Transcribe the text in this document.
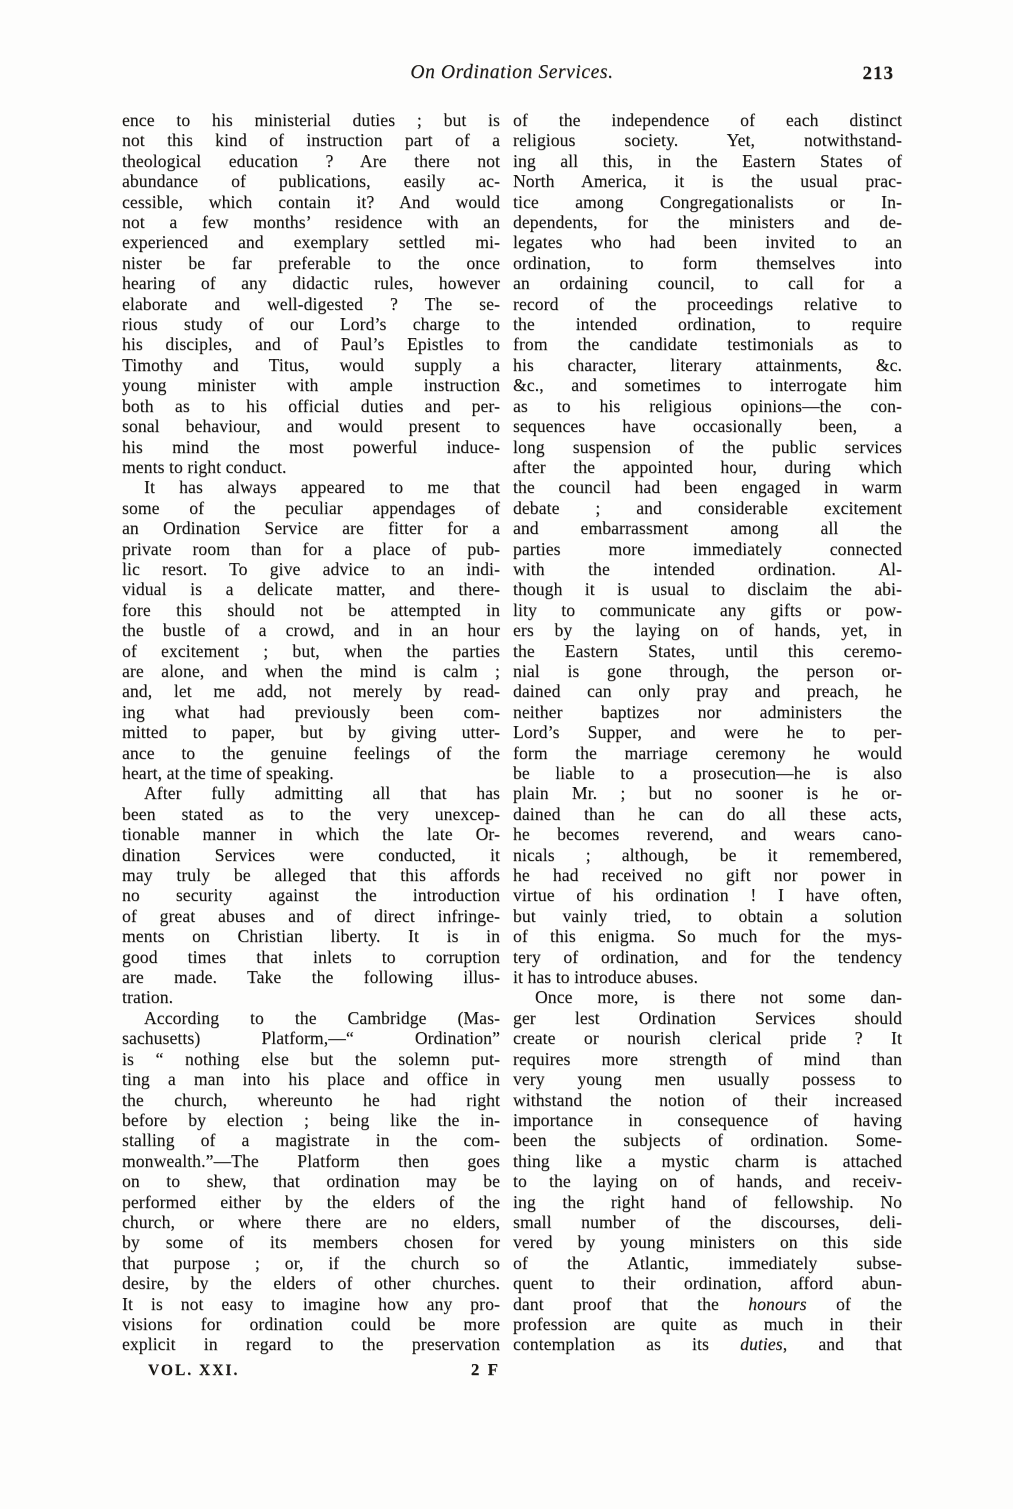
On Ordination Services.	213
ence to his ministerial duties ; but is
not this kind of instruction part of a
theological education ? Are there not
abundance of publications, easily ac-
cessible, which contain it? And would
not a few months’ residence with an
experienced and exemplary settled mi-
nister be far preferable to the once
hearing of any didactic rules, however
elaborate and well-digested ? The se-
rious study of our Lord’s charge to
his disciples, and of Paul’s Epistles to
Timothy and Titus, would supply a
young minister with ample instruction
both as to his official duties and per-
sonal behaviour, and would present to
his mind the most powerful induce-
ments to right conduct.
It has always appeared to me that
some of the peculiar appendages of
an Ordination Service are fitter for a
private room than for a place of pub-
lic resort. To give advice to an indi-
vidual is a delicate matter, and there-
fore this should not be attempted in
the bustle of a crowd, and in an hour
of excitement ; but, when the parties
are alone, and when the mind is calm ;
and, let me add, not merely by read-
ing what had previously been com-
mitted to paper, but by giving utter-
ance to the genuine feelings of the
heart, at the time of speaking.
After fully admitting all that has
been stated as to the very unexcep-
tionable manner in which the late Or-
dination Services were conducted, it
may truly be alleged that this affords
no security against the introduction
of great abuses and of direct infringe-
ments on Christian liberty. It is in
good times that inlets to corruption
are made. Take the following illus-
tration.
According to the Cambridge (Mas-
sachusetts) Platform,—“ Ordination”
is “ nothing else but the solemn put-
ting a man into his place and office in
the church, whereunto he had right
before by election ; being like the in-
stalling of a magistrate in the com-
monwealth.”—The Platform then goes
on to shew, that ordination may be
performed either by the elders of the
church, or where there are no elders,
by some of its members chosen for
that purpose ; or, if the church so
desire, by the elders of other churches.
It is not easy to imagine how any pro-
visions for ordination could be more
explicit in regard to the preservation
of the independence of each distinct
religious society. Yet, notwithstand-
ing all this, in the Eastern States of
North America, it is the usual prac-
tice among Congregationalists or In-
dependents, for the ministers and de-
legates who had been invited to an
ordination, to form themselves into
an ordaining council, to call for a
record of the proceedings relative to
the intended ordination, to require
from the candidate testimonials as to
his character, literary attainments, &c.
&c., and sometimes to interrogate him
as to his religious opinions—the con-
sequences have occasionally been, a
long suspension of the public services
after the appointed hour, during which
the council had been engaged in warm
debate ; and considerable excitement
and embarrassment among all the
parties more immediately connected
with the intended ordination. Al-
though it is usual to disclaim the abi-
lity to communicate any gifts or pow-
ers by the laying on of hands, yet, in
the Eastern States, until this ceremo-
nial is gone through, the person or-
dained can only pray and preach, he
neither baptizes nor administers the
Lord’s Supper, and were he to per-
form the marriage ceremony he would
be liable to a prosecution—he is also
plain Mr. ; but no sooner is he or-
dained than he can do all these acts,
he becomes reverend, and wears cano-
nicals ; although, be it remembered,
he had received no gift nor power in
virtue of his ordination ! I have often,
but vainly tried, to obtain a solution
of this enigma. So much for the mys-
tery of ordination, and for the tendency
it has to introduce abuses.
Once more, is there not some dan-
ger lest Ordination Services should
create or nourish clerical pride ? It
requires more strength of mind than
very young men usually possess to
withstand the notion of their increased
importance in consequence of having
been the subjects of ordination. Some-
thing like a mystic charm is attached
to the laying on of hands, and receiv-
ing the right hand of fellowship. No
small number of the discourses, deli-
vered by young ministers on this side
of the Atlantic, immediately subse-
quent to their ordination, afford abun-
dant proof that the honours of the
profession are quite as much in their
contemplation as its duties, and that
VOL. XXI.	2 F
